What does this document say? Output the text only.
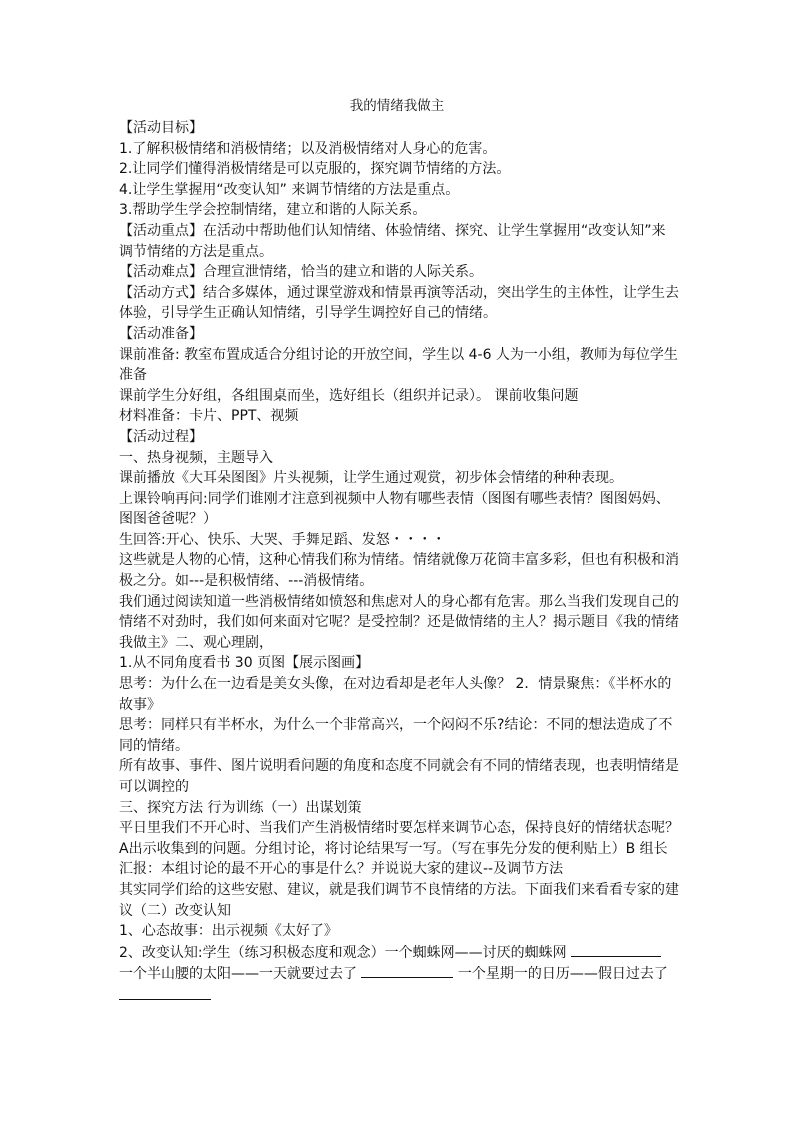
我的情绪我做主

【活动目标】

1.了解积极情绪和消极情绪；以及消极情绪对人身心的危害。

2.让同学们懂得消极情绪是可以克服的，探究调节情绪的方法。

4.让学生掌握用“改变认知” 来调节情绪的方法是重点。

3.帮助学生学会控制情绪，建立和谐的人际关系。

【活动重点】在活动中帮助他们认知情绪、体验情绪、探究、让学生掌握用“改变认知”来调节情绪的方法是重点。

【活动难点】合理宣泄情绪，恰当的建立和谐的人际关系。

【活动方式】结合多媒体，通过课堂游戏和情景再演等活动，突出学生的主体性，让学生去体验，引导学生正确认知情绪，引导学生调控好自己的情绪。

【活动准备】

课前准备: 教室布置成适合分组讨论的开放空间，学生以 4-6 人为一小组，教师为每位学生准备

课前学生分好组，各组围桌而坐，选好组长（组织并记录）。 课前收集问题

材料准备：卡片、PPT、视频

【活动过程】

一、热身视频，主题导入

课前播放《大耳朵图图》片头视频，让学生通过观赏，初步体会情绪的种种表现。

上课铃响再问:同学们谁刚才注意到视频中人物有哪些表情（图图有哪些表情？图图妈妈、图图爸爸呢？）

生回答:开心、快乐、大哭、手舞足蹈、发怒・・・・

这些就是人物的心情，这种心情我们称为情绪。情绪就像万花筒丰富多彩，但也有积极和消极之分。如---是积极情绪、---消极情绪。

我们通过阅读知道一些消极情绪如愤怒和焦虑对人的身心都有危害。那么当我们发现自己的情绪不对劲时，我们如何来面对它呢？是受控制？还是做情绪的主人？揭示题目《我的情绪我做主》二、观心理剧，

1.从不同角度看书 30 页图【展示图画】

思考：为什么在一边看是美女头像，在对边看却是老年人头像？ 2．情景聚焦：《半杯水的故事》

思考：同样只有半杯水，为什么一个非常高兴，一个闷闷不乐?结论：不同的想法造成了不同的情绪。

所有故事、事件、图片说明看问题的角度和态度不同就会有不同的情绪表现，也表明情绪是可以调控的

三、探究方法 行为训练（一）出谋划策

平日里我们不开心时、当我们产生消极情绪时要怎样来调节心态，保持良好的情绪状态呢？ A出示收集到的问题。分组讨论，将讨论结果写一写。（写在事先分发的便利贴上）B 组长汇报：本组讨论的最不开心的事是什么？并说说大家的建议--及调节方法

其实同学们给的这些安慰、建议，就是我们调节不良情绪的方法。下面我们来看看专家的建议（二）改变认知

1、心态故事：出示视频《太好了》

2、改变认知:学生（练习积极态度和观念）一个蜘蛛网——讨厌的蜘蛛网  一个半山腰的太阳——一天就要过去了	一个星期一的日历——假日过去了
